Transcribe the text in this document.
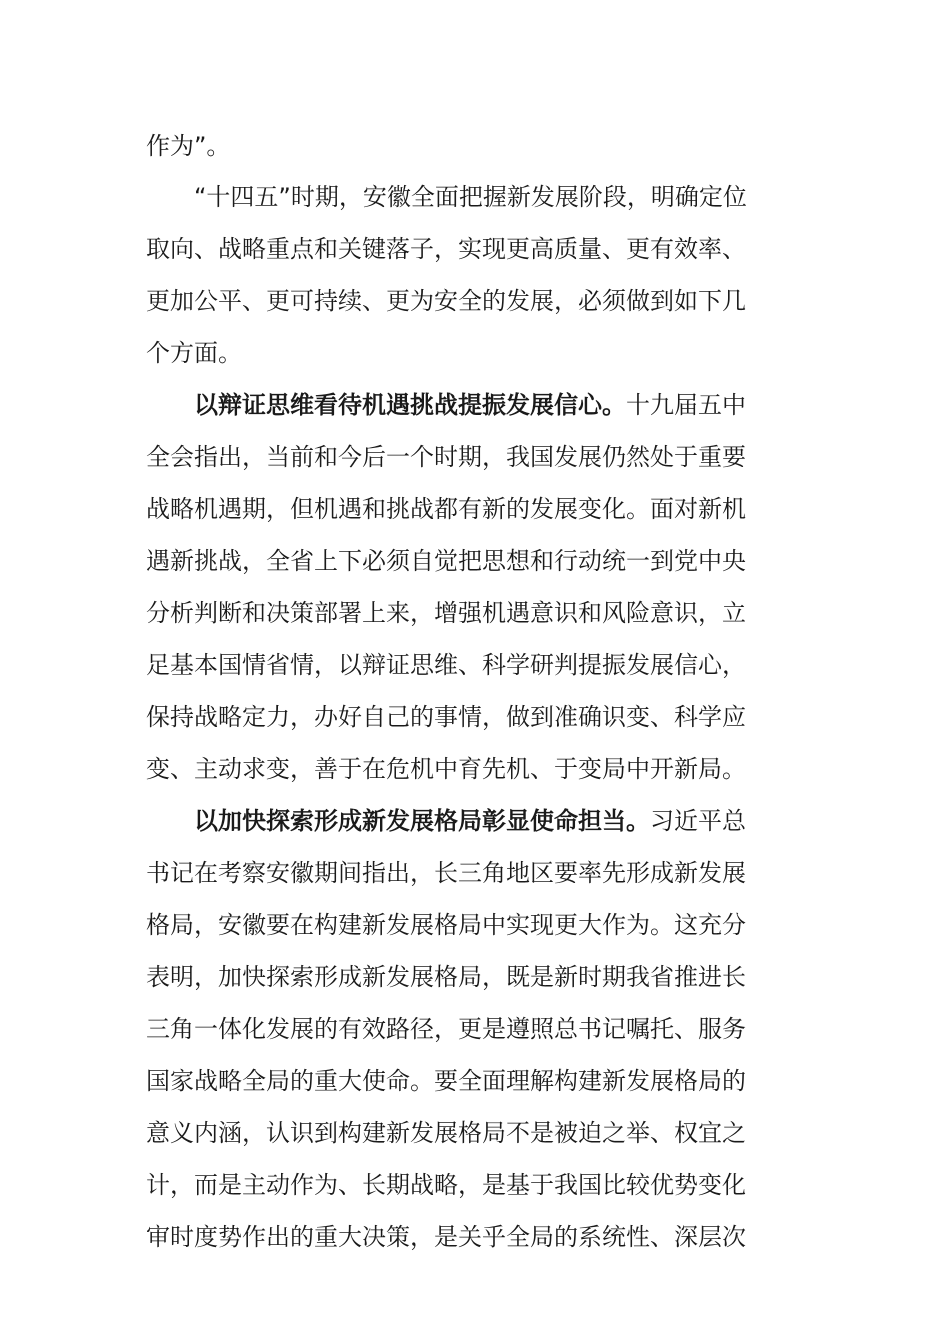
作为”。
　　“十四五”时期，安徽全面把握新发展阶段，明确定位
取向、战略重点和关键落子，实现更高质量、更有效率、
更加公平、更可持续、更为安全的发展，必须做到如下几
个方面。
　　以辩证思维看待机遇挑战提振发展信心。十九届五中
全会指出，当前和今后一个时期，我国发展仍然处于重要
战略机遇期，但机遇和挑战都有新的发展变化。面对新机
遇新挑战，全省上下必须自觉把思想和行动统一到党中央
分析判断和决策部署上来，增强机遇意识和风险意识，立
足基本国情省情，以辩证思维、科学研判提振发展信心，
保持战略定力，办好自己的事情，做到准确识变、科学应
变、主动求变，善于在危机中育先机、于变局中开新局。
　　以加快探索形成新发展格局彰显使命担当。习近平总
书记在考察安徽期间指出，长三角地区要率先形成新发展
格局，安徽要在构建新发展格局中实现更大作为。这充分
表明，加快探索形成新发展格局，既是新时期我省推进长
三角一体化发展的有效路径，更是遵照总书记嘱托、服务
国家战略全局的重大使命。要全面理解构建新发展格局的
意义内涵，认识到构建新发展格局不是被迫之举、权宜之
计，而是主动作为、长期战略，是基于我国比较优势变化
审时度势作出的重大决策，是关乎全局的系统性、深层次
